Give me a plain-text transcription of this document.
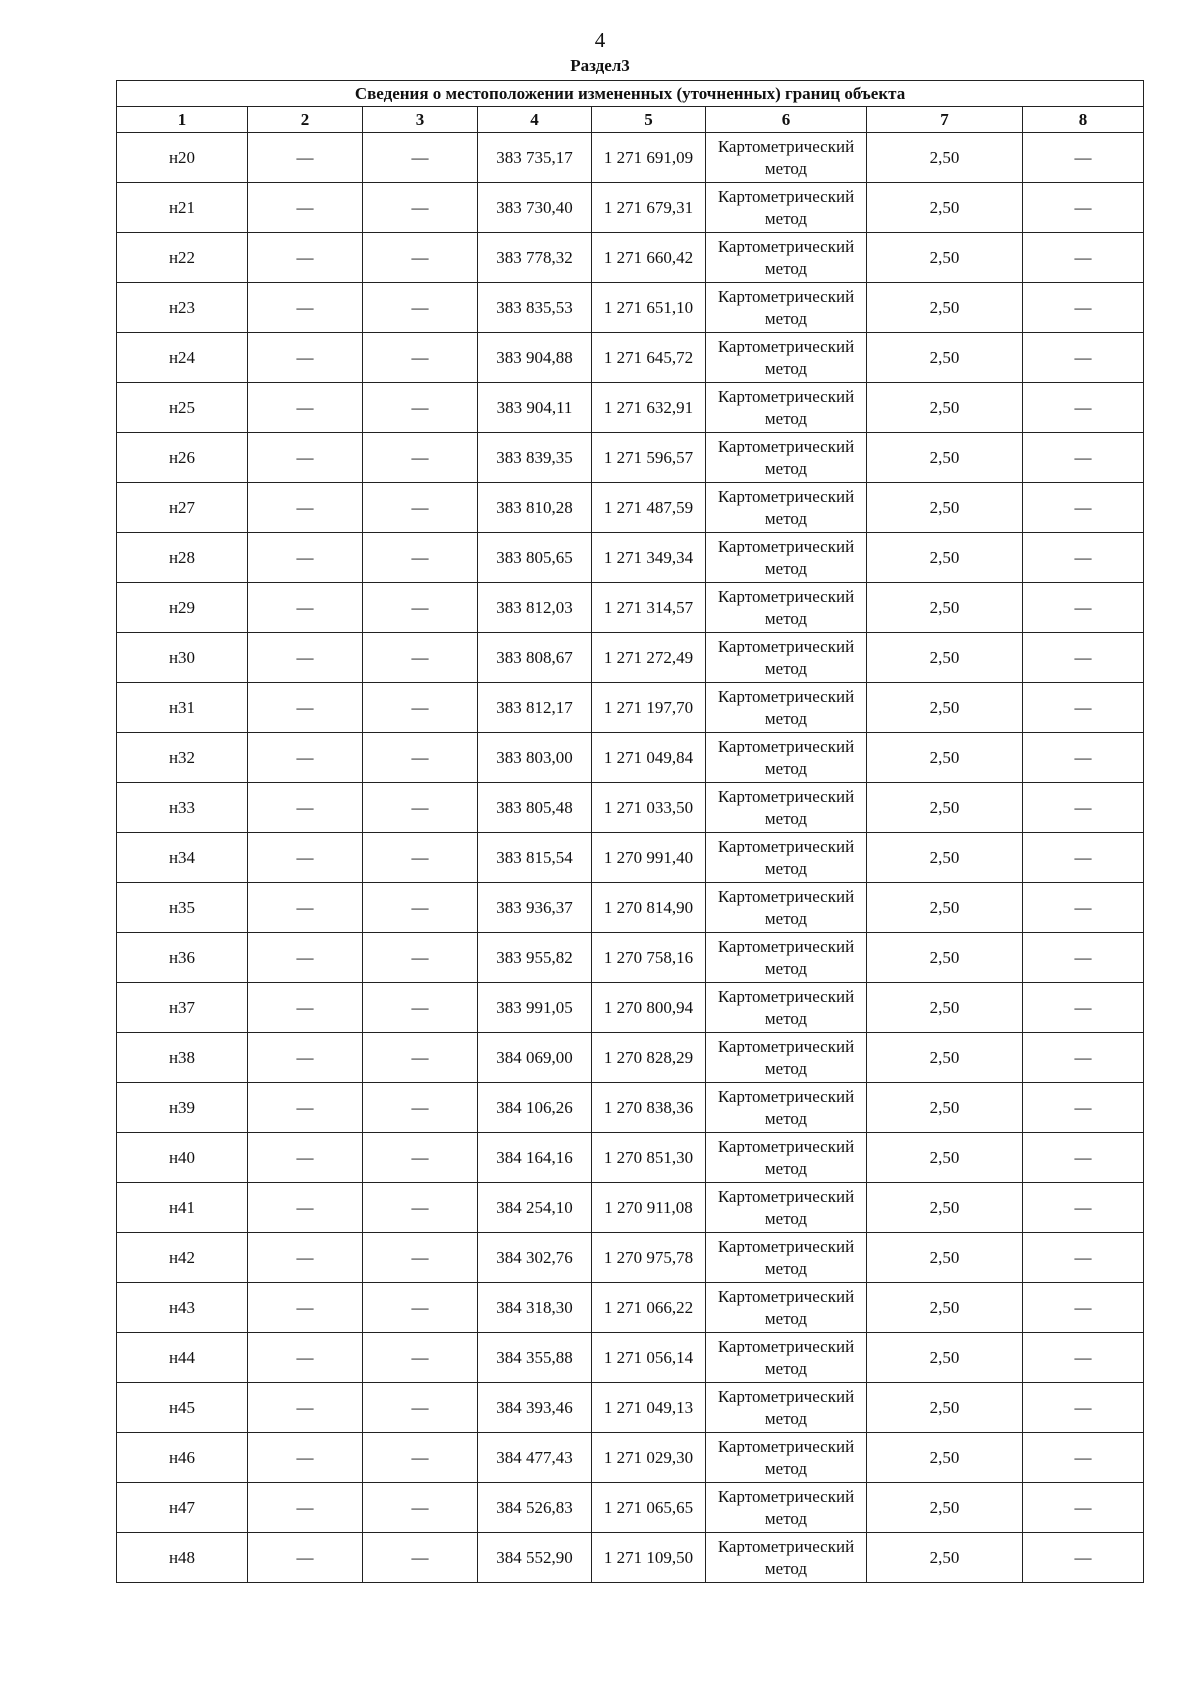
4
Раздел3
Сведения о местоположении измененных (уточненных) границ объекта							
1	2	3	4	5	6	7	8
н20	—	—	383 735,17	1 271 691,09	Картометрический метод	2,50	—
н21	—	—	383 730,40	1 271 679,31	Картометрический метод	2,50	—
н22	—	—	383 778,32	1 271 660,42	Картометрический метод	2,50	—
н23	—	—	383 835,53	1 271 651,10	Картометрический метод	2,50	—
н24	—	—	383 904,88	1 271 645,72	Картометрический метод	2,50	—
н25	—	—	383 904,11	1 271 632,91	Картометрический метод	2,50	—
н26	—	—	383 839,35	1 271 596,57	Картометрический метод	2,50	—
н27	—	—	383 810,28	1 271 487,59	Картометрический метод	2,50	—
н28	—	—	383 805,65	1 271 349,34	Картометрический метод	2,50	—
н29	—	—	383 812,03	1 271 314,57	Картометрический метод	2,50	—
н30	—	—	383 808,67	1 271 272,49	Картометрический метод	2,50	—
н31	—	—	383 812,17	1 271 197,70	Картометрический метод	2,50	—
н32	—	—	383 803,00	1 271 049,84	Картометрический метод	2,50	—
н33	—	—	383 805,48	1 271 033,50	Картометрический метод	2,50	—
н34	—	—	383 815,54	1 270 991,40	Картометрический метод	2,50	—
н35	—	—	383 936,37	1 270 814,90	Картометрический метод	2,50	—
н36	—	—	383 955,82	1 270 758,16	Картометрический метод	2,50	—
н37	—	—	383 991,05	1 270 800,94	Картометрический метод	2,50	—
н38	—	—	384 069,00	1 270 828,29	Картометрический метод	2,50	—
н39	—	—	384 106,26	1 270 838,36	Картометрический метод	2,50	—
н40	—	—	384 164,16	1 270 851,30	Картометрический метод	2,50	—
н41	—	—	384 254,10	1 270 911,08	Картометрический метод	2,50	—
н42	—	—	384 302,76	1 270 975,78	Картометрический метод	2,50	—
н43	—	—	384 318,30	1 271 066,22	Картометрический метод	2,50	—
н44	—	—	384 355,88	1 271 056,14	Картометрический метод	2,50	—
н45	—	—	384 393,46	1 271 049,13	Картометрический метод	2,50	—
н46	—	—	384 477,43	1 271 029,30	Картометрический метод	2,50	—
н47	—	—	384 526,83	1 271 065,65	Картометрический метод	2,50	—
н48	—	—	384 552,90	1 271 109,50	Картометрический метод	2,50	—
